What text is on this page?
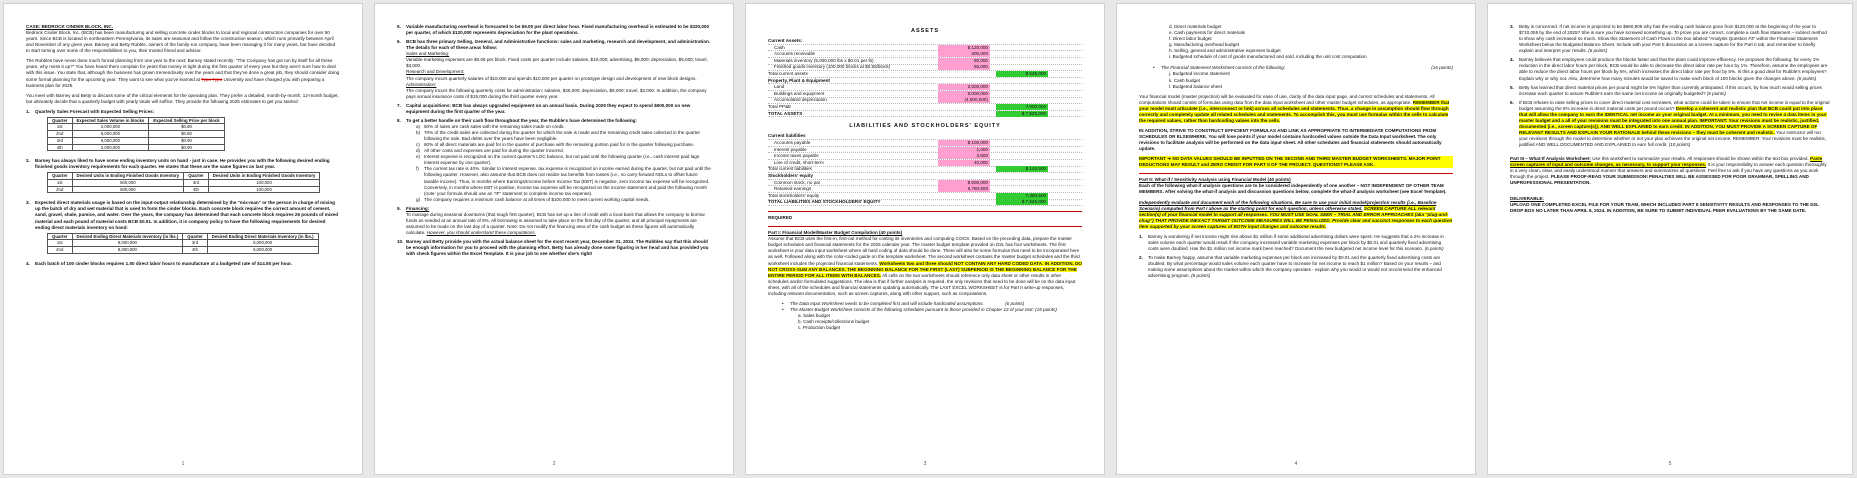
CASE: BEDROCK CINDER BLOCK, INC.

Bedrock Cinder Block, Inc. (BCB) has been manufacturing and selling concrete cinder blocks to local and regional construction companies for over 50 years. Since BCB is located in northeastern Pennsylvania, its sales are seasonal and follow the construction season, which runs primarily between April and November of any given year. Barney and Betty Rubble, owners of the family-run company, have been managing it for many years, but have decided to start turning over some of the responsibilities to you, their trusted friend and advisor.

The Rubbles have never done much formal planning from one year to the next; Barney stated recently: "The Company has got run by itself for all these years, why mess it up?" You have heard them complain for years that money is tight during the first quarter of every year but they aren't sure how to deal with this issue. You state that, although the business has grown tremendously over the years and that they've done a great job, they should consider doing some formal planning for the upcoming year. They want to see what you've learned at Typo Typo University and have charged you with preparing a business plan for 2025.

You meet with Barney and Betty to discuss some of the critical elements for the operating plan. They prefer a detailed, month-by-month, 12-month budget, but ultimately decide that a quarterly budget with yearly totals will suffice. They provide the following 2025 estimates to get you started:

1.	Quarterly Sales Forecast with Expected Selling Prices:
Quarter	Expected Sales Volume in blocks	Expected Selling Price per block
1st	2,000,000	$0.80
2nd	6,000,000	$0.80
3rd	6,000,000	$0.90
4th	2,000,000	$0.90
2.	Barney has always liked to have some ending inventory units on hand - just in case. He provides you with the following desired ending finished goods inventory requirements for each quarter. He states that these are the same figures as last year.
Quarter	Desired Units in Ending Finished Goods Inventory	Quarter	Desired Units in Ending Finished Goods Inventory
1st	500,000	3rd	100,000
2nd	500,000	4th	100,000
3.	Expected direct materials usage is based on the input-output relationship determined by the "mix-man" or the person in charge of mixing up the batch of dry and wet material that is used to form the cinder blocks. Each concrete block requires the correct amount of cement, sand, gravel, shale, pumice, and water. Over the years, the company has determined that each concrete block requires 26 pounds of mixed material and each pound of material costs BCB $0.01. In addition, it is company policy to have the following requirements for desired ending direct materials inventory on hand:
Quarter	Desired Ending Direct Materials Inventory (in lbs.)	Quarter	Desired Ending Direct Materials Inventory (in lbs.)
1st	8,000,000	3rd	5,000,000
2nd	8,000,000	4th	5,000,000
4.	Each batch of 100 cinder blocks requires 1.50 direct labor hours to manufacture at a budgeted rate of $14.50 per hour.
1
5.	Variable manufacturing overhead is forecasted to be $9.00 per direct labor hour. Fixed manufacturing overhead is estimated to be $320,000 per quarter, of which $120,000 represents depreciation for the plant operations.
6.	BCB has three primary Selling, General, and Administrative functions: sales and marketing, research and development, and administration. The details for each of these areas follow:
Sales and Marketing:
Variable marketing expenses are $0.06 per block. Fixed costs per quarter include salaries, $10,000; advertising, $8,000; depreciation, $5,000; travel, $3,000.
Research and Development:
The company incurs quarterly salaries of $18,000 and spends $10,000 per quarter on prototype design and development of new block designs.
Administration:
The company incurs the following quarterly costs for administration: salaries, $25,000; depreciation, $9,000; travel, $2,000. In addition, the company pays annual insurance costs of $15,000 during the third quarter every year.
7.	Capital acquisitions: BCB has always upgraded equipment on an annual basis. During 2025 they expect to spend $600,000 on new equipment during the first quarter of the year.
8.	To get a better handle on their cash flow throughout the year, the Rubble's have determined the following:
a) 50% of sales are cash sales with the remaining sales made on credit.
b) 70% of the credit sales are collected during the quarter for which the sale is made and the remaining credit sales collected in the quarter following the sale. Bad debts over the years have been negligible.
c) 60% of all direct materials are paid for in the quarter of purchase with the remaining portion paid for in the quarter following purchase.
d) All other costs and expenses are paid for during the quarter incurred.
e) Interest expense is recognized on the current quarter's LOC balance, but not paid until the following quarter (i.e., cash interest paid lags interest expense by one quarter).
f)	The current tax rate is 40%. Similar to interest expense, tax expense is recognized on income earned during the quarter, but not paid until the following quarter. However, also assume that BCB does not realize tax benefits from losses (i.e., no carry-forward NOLs to offset future taxable income). Thus, in months where Earnings/Income before Income Tax (EBT) is negative, zero income tax expense will be recognized. Conversely, in months where EBT is positive, income tax expense will be recognized on the income statement and paid the following month (note: your formula should use an "IF" statement to complete income tax expense).
g) The company requires a minimum cash balance at all times of $100,000 to meet current working capital needs.
9.	Financing:
To manage during seasonal downturns (that tough first quarter), BCB has set up a line of credit with a local bank that allows the company to borrow funds as needed at an annual rate of 5%. All borrowing is assumed to take place on the first day of the quarter, and all principal repayments are assumed to be made on the last day of a quarter. Note: Do not modify the financing area of the cash budget as these figures will automatically calculate. However, you should understand these computations.
10. Barney and Betty provide you with the actual balance sheet for the most recent year, December 31, 2024. The Rubbles say that this should be enough information for you to proceed with the planning effort. Betty has already done some figuring in her head and has provided you with check figures within the Excel Template. It is your job to see whether she's right!
2
ASSETS
Current Assets:
Cash	$ 120,000
Accounts receivable	300,000
Materials inventory (5,000,000 lbs x $0.01 per lb)	50,000
Finished goods inventory (100,000 blocks at $0.55/block)	55,000
Total current assets	$ 525,000
Property, Plant & Equipment
Land	2,500,000
Buildings and equipment	9,000,000
Accumulated depreciation	(4,500,000)
Total PP&E	7,000,000
TOTAL ASSETS	$ 7,525,000
LIABILITIES AND STOCKHOLDERS' EQUITY
Current liabilities
Accounts payable	$ 100,000
Interest payable	1,000
Income taxes payable	3,500
Line of credit, short-term	40,000
Total current liabilities	$ 144,500
Stockholders' equity
Common stock, no par	$ 600,000
Retained earnings	6,780,500
Total stockholders' equity	7,380,500
TOTAL LIABILITIES AND STOCKHOLDERS' EQUITY	$ 7,525,000
REQUIRED
Part I: Financial Model/Master Budget Compilation (40 points)

Assume that BCB uses the first-in, first-out method for costing its inventories and computing COGS. Based on the preceding data, prepare the master budget schedules and financial statements for the 2025 calendar year. The master budget template provided on D2L has four worksheets. The first worksheet is your data input worksheet where all hard coding of data should be done. There will also be some formulas that need to be incorporated here as well. Followed along with the color-coded guide on the template worksheet. The second worksheet contains the master budget schedules and the third worksheet includes the projected financial statements. Worksheets two and three should NOT CONTAIN ANY HARD CODED DATA. IN ADDITION, DO NOT CROSS-SUM ANY BALANCES. THE BEGINNING BALANCE FOR THE FIRST (LAST) SUBPERIOD IS THE BEGINNING BALANCE FOR THE ENTIRE PERIOD FOR ALL ITEMS WITH BALANCES. All cells on the two worksheets should reference only data sheet or other results in other schedules and/or formulated suggestions. The idea is that if further analysis is required, the only revisions that need to be done will be on the data input sheet, with all of the schedules and financial statements updating automatically. The LAST EXCEL WORKSHEET is for Part II write-up responses, including relevant documentation, such as screen captures, along with other support, such as computations.

•	The Data Input Worksheet needs to be completed first and will include hardcoded assumptions.	(6 points)
•	The Master Budget Worksheet consists of the following schedules pursuant to those provided in Chapter 13 of your text: (18 points)
a. Sales budget
b. Cash receipts/collections budget
c. Production budget
3
d. Direct materials budget
e. Cash payments for direct materials
f. Direct labor budget
g. Manufacturing overhead budget
h. Selling, general and administrative expenses budget
i. Budgeted schedule of cost of goods manufactured and sold, including the unit cost computation
•	The Financial Statement Worksheet consists of the following:	(16 points)
j. Budgeted income statement
k. Cash budget
l. Budgeted balance sheet

Your financial model (master projection) will be evaluated for ease of use, clarity of the data input page, and correct schedules and statements. All computations should consist of formulas using data from the data input worksheet and other master budget schedules, as appropriate. REMEMBER that your model must articulate (i.e., interconnect or link) across all schedules and statements. Thus, a change in assumption should flow through correctly and completely update all related schedules and statements. To accomplish this, you must use formulas within the cells to calculate the required values, rather than hardcoding values into the cells.

IN ADDITION, STRIVE TO CONSTRUCT EFFICIENT FORMULAS AND LINK AS APPROPRIATE TO INTERMEDIATE COMPUTATIONS FROM SCHEDULES OR ELSEWHERE. You will lose points if your model contains hardcoded values outside the Data Input worksheet. The only revisions to facilitate analysis will be performed on the data input sheet. All other schedules and financial statements should automatically update.

IMPORTANT ➔ NO DATA VALUES SHOULD BE INPUTTED ON THE SECOND AND THIRD MASTER BUDGET WORKSHEETS. MAJOR POINT DEDUCTIONS MAY RESULT and ZERO CREDIT FOR PART II OF THE PROJECT. QUESTIONS? PLEASE ASK.

Part II: What-if / Sensitivity Analysis using Financial Model (40 points)

Each of the following what-if analysis questions are to be considered independently of one another – NOT INDEPENDENT OF OTHER TEAM MEMBERS. After solving the what-if analysis and discussion questions below, complete the what-if analysis worksheet (see Excel Template).

Independently evaluate and document each of the following situations. Be sure to use your initial model/projection results (i.e., Baseline Scenario) computed from Part I above as the starting point for each question, unless otherwise stated. SCREEN CAPTURE ALL relevant section(s) of your financial model to support all responses. YOU MUST USE GOAL SEEK – TRIAL AND ERROR APPROACHES (aka "plug-and-chug") THAT PROVIDE INEXACT TARGET OUTCOME MEASURES WILL BE PENALIZED. Provide clear and succinct responses to each question item supported by your screen captures of BOTH input changes and outcome results.

1.	Barney is wondering if net income might rise above $1 million if some additional advertising dollars were spent. He suggests that a 2% increase in sales volume each quarter would result if the company increased variable marketing expenses per block by $0.01 and quarterly fixed advertising costs were doubled. Has the $1 million net income mark been reached? Document the new budgeted net income level for this scenario. (6 points)
2.	To make Barney happy, assume that variable marketing expenses per block are increased by $0.01 and the quarterly fixed advertising costs are doubled. By what percentage would sales volume each quarter have to increase for net income to reach $1 million? Based on your results – and making some assumptions about the market within which the company operates - explain why you would or would not recommend the enhanced advertising program. (8 points)
4
3.	Betty is concerned. If net income is projected to be $660,805 why has the ending cash balance gone from $120,000 at the beginning of the year to $710,055 by the end of 2025? She is sure you have screwed something up. To prove you are correct, complete a cash flow statement – indirect method to show why cash increased so much. Show this Statement of Cash Flows in the box labeled "Analysis Question #3" within the Financial Statement Worksheet below the Budgeted Balance Sheet. Include with your Part II discussion as a screen capture for the Part II tab, and remember to briefly explain and interpret your results. (6 points)
4.	Barney believes that employees could produce the blocks faster and that the plant could improve efficiency. He proposes the following: for every 1% reduction in the direct labor hours per block, BCB would be able to decrease the direct labor rate per hour by 1%. Therefore, assume the employees are able to reduce the direct labor hours per block by 5%, which increases the direct labor rate per hour by 5%. Is this a good deal for Rubble's employees? Explain why or why not. Also, determine how many minutes would be saved to make each block of 100 blocks given the changes above. (6 points)
5.	Betty has learned that direct material prices per pound might be 5% higher than currently anticipated. If this occurs, by how much would selling prices increase each quarter to assure Rubble's earn the same net income as originally budgeted? (6 points)
6.	If BCB refuses to raise selling prices to cover direct material cost increases, what actions could be taken to ensure that net income is equal to the original budget assuming the 5% increase in direct material costs per pound occurs? Develop a coherent and realistic plan that BCB could put into place that will allow the company to earn the IDENTICAL net income as your original budget. At a minimum, you need to revise 4 data items in your master budget and a all of your revisions must be integrated into one annual plan. IMPORTANT: Your revisions must be realistic, justified, documented (i.e., screen capture(s)), AND WELL EXPLAINED to earn credit. IN ADDITION, YOU MUST PROVIDE A SCREEN CAPTURE OF RELEVANT RESULTS AND EXPLAIN YOUR RATIONALE behind these revisions – they must be coherent and realistic. Your instructor will run your revisions through the model to determine whether or not your plan achieves the original net income. REMEMBER: Your revisions must be realistic, justified AND WELL DOCUMENTED AND EXPLAINED to earn full credit. (10 points)

Part III – What-If Analysis Worksheet: Use this worksheet to summarize your results. All responses should be shown within the text box provided. Paste screen captures of input and outcome changes, as necessary, to support your responses. It is your responsibility to answer each question thoroughly in a very clean, clear, and easily understood manner that answers and summarizes all questions. Feel free to ask if you have any questions as you work through the project. PLEASE PROOF-READ YOUR SUBMISSION! PENALTIES WILL BE ASSESSED FOR POOR GRAMMAR, SPELLING AND UNPROFESSIONAL PRESENTATION.

DELIVERABLE:

UPLOAD ONE COMPLETED EXCEL FILE FOR YOUR TEAM, WHICH INCLUDES PART II SENSITIVITY RESULTS AND RESPONSES TO THE D2L DROP BOX NO LATER THAN APRIL 6, 2024. IN ADDITION, BE SURE TO SUBMIT INDIVIDUAL PEER EVALUATIONS BY THE SAME DATE.

5
